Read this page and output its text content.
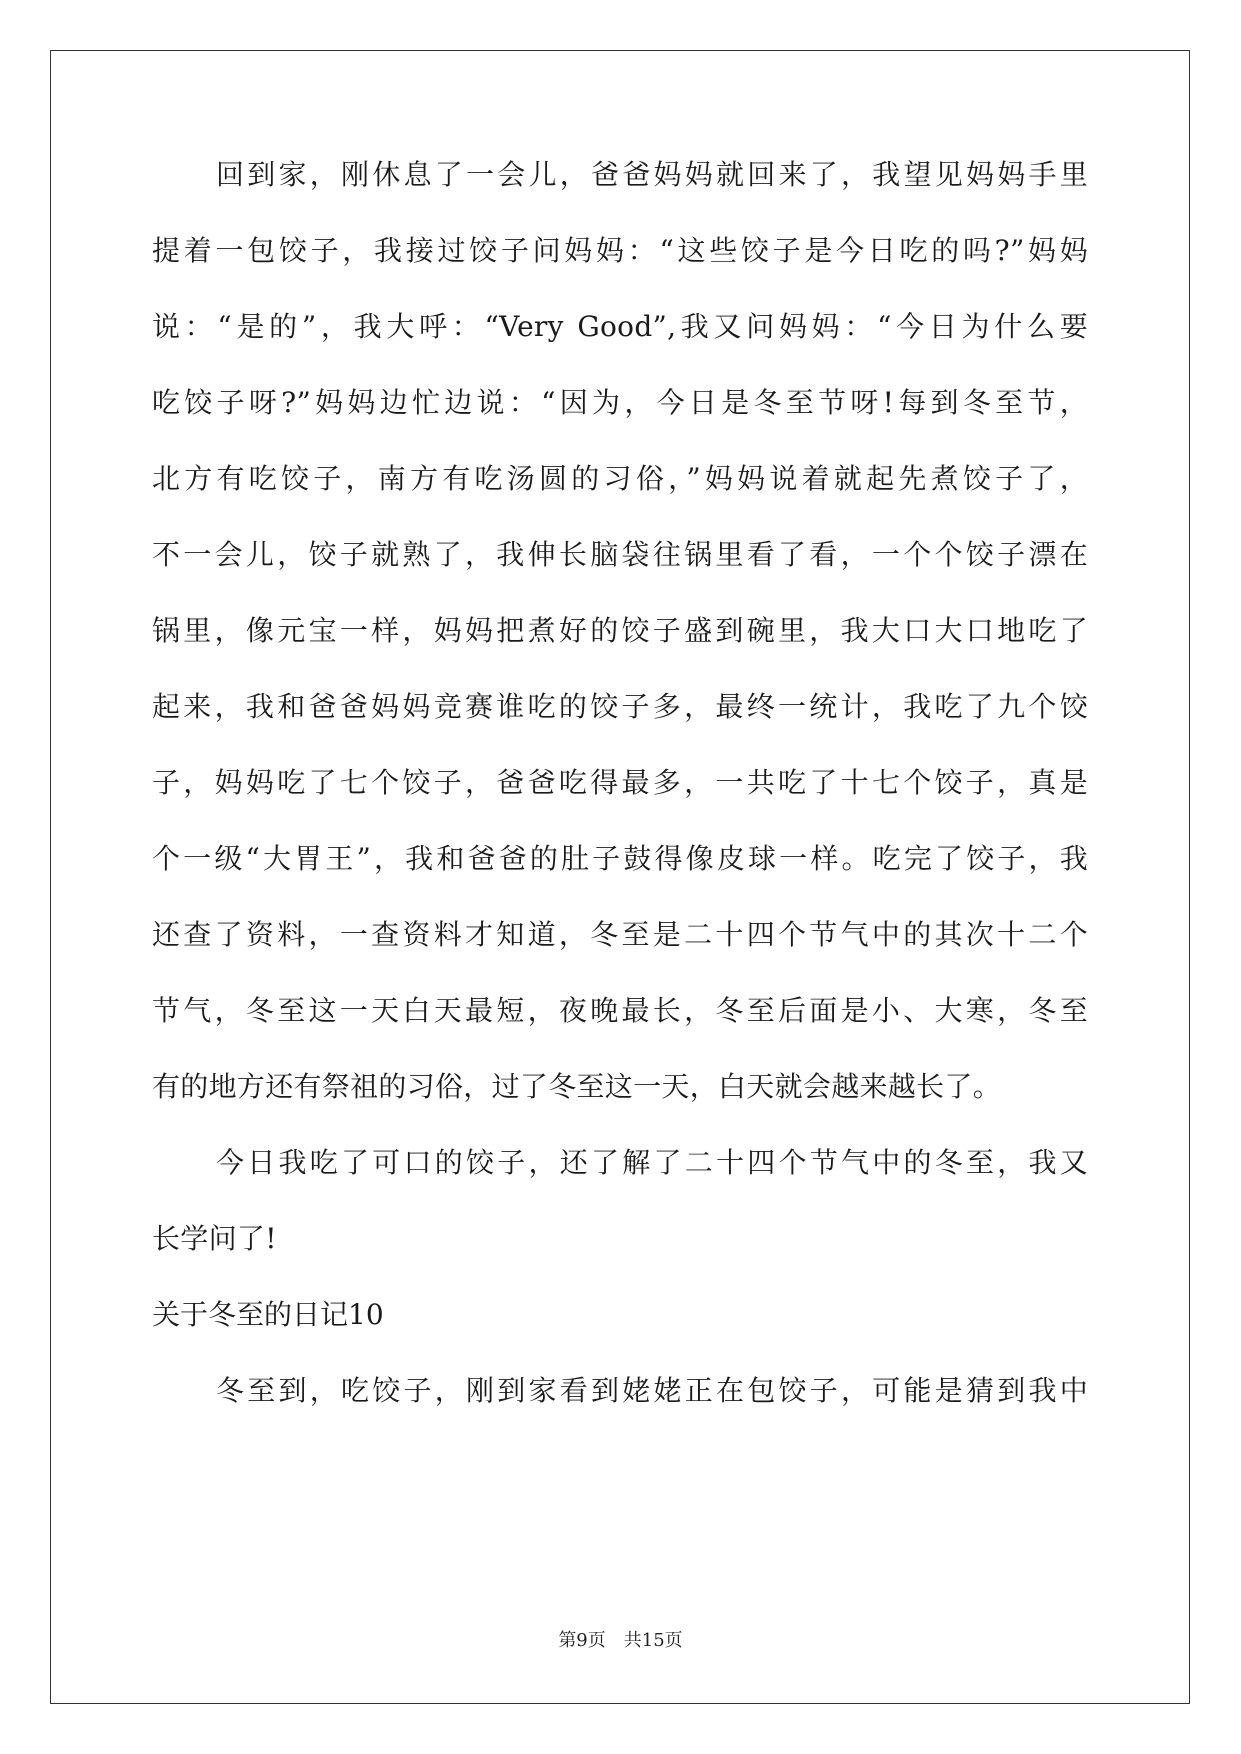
回到家，刚休息了一会儿，爸爸妈妈就回来了，我望见妈妈手里

提着一包饺子，我接过饺子问妈妈：“这些饺子是今日吃的吗?”妈妈

说：“是的”，我大呼：“Very Good”,我又问妈妈：“今日为什么要

吃饺子呀?”妈妈边忙边说：“因为，今日是冬至节呀!每到冬至节，

北方有吃饺子，南方有吃汤圆的习俗，”妈妈说着就起先煮饺子了，

不一会儿，饺子就熟了，我伸长脑袋往锅里看了看，一个个饺子漂在

锅里，像元宝一样，妈妈把煮好的饺子盛到碗里，我大口大口地吃了

起来，我和爸爸妈妈竞赛谁吃的饺子多，最终一统计，我吃了九个饺

子，妈妈吃了七个饺子，爸爸吃得最多，一共吃了十七个饺子，真是

个一级“大胃王”，我和爸爸的肚子鼓得像皮球一样。吃完了饺子，我

还查了资料，一查资料才知道，冬至是二十四个节气中的其次十二个

节气，冬至这一天白天最短，夜晚最长，冬至后面是小、大寒，冬至

有的地方还有祭祖的习俗，过了冬至这一天，白天就会越来越长了。

今日我吃了可口的饺子，还了解了二十四个节气中的冬至，我又

长学问了!

关于冬至的日记10

冬至到，吃饺子，刚到家看到姥姥正在包饺子，可能是猜到我中

第9页　共15页
